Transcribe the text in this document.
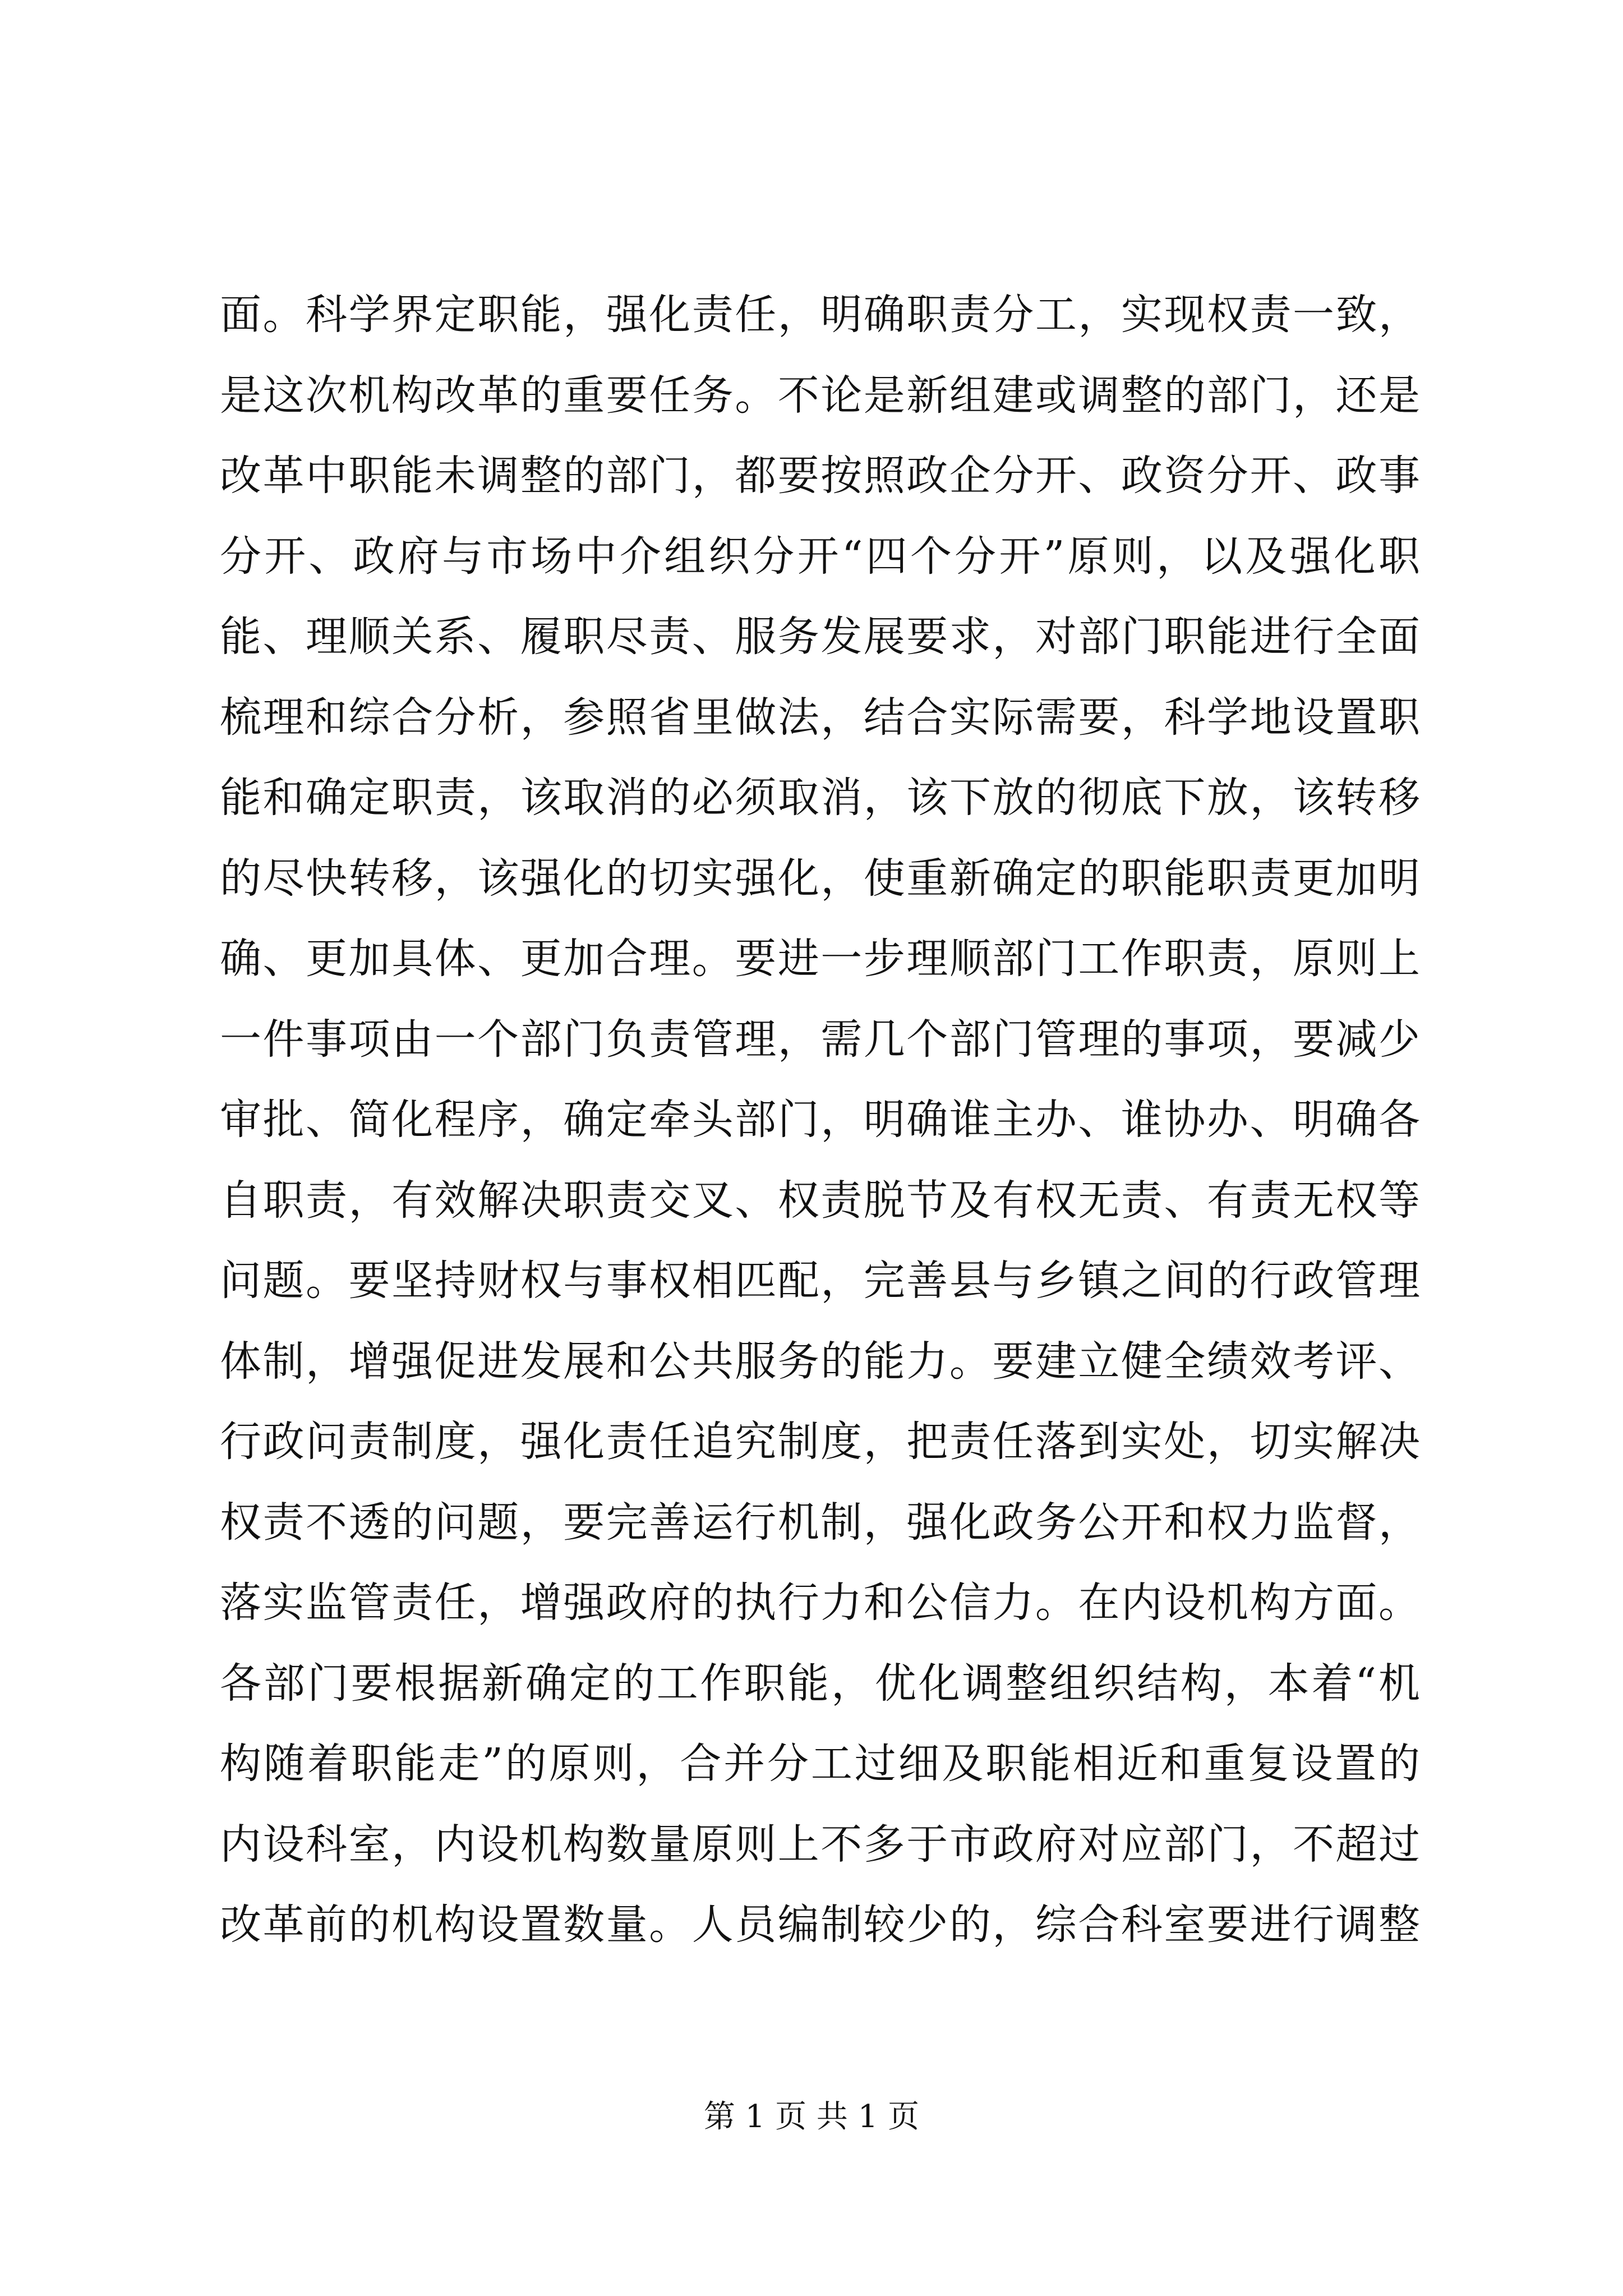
面。科学界定职能，强化责任，明确职责分工，实现权责一致，
是这次机构改革的重要任务。不论是新组建或调整的部门，还是
改革中职能未调整的部门，都要按照政企分开、政资分开、政事
分开、政府与市场中介组织分开“四个分开”原则，以及强化职
能、理顺关系、履职尽责、服务发展要求，对部门职能进行全面
梳理和综合分析，参照省里做法，结合实际需要，科学地设置职
能和确定职责，该取消的必须取消，该下放的彻底下放，该转移
的尽快转移，该强化的切实强化，使重新确定的职能职责更加明
确、更加具体、更加合理。要进一步理顺部门工作职责，原则上
一件事项由一个部门负责管理，需几个部门管理的事项，要减少
审批、简化程序，确定牵头部门，明确谁主办、谁协办、明确各
自职责，有效解决职责交叉、权责脱节及有权无责、有责无权等
问题。要坚持财权与事权相匹配，完善县与乡镇之间的行政管理
体制，增强促进发展和公共服务的能力。要建立健全绩效考评、
行政问责制度，强化责任追究制度，把责任落到实处，切实解决
权责不透的问题，要完善运行机制，强化政务公开和权力监督，
落实监管责任，增强政府的执行力和公信力。在内设机构方面。
各部门要根据新确定的工作职能，优化调整组织结构，本着“机
构随着职能走”的原则，合并分工过细及职能相近和重复设置的
内设科室，内设机构数量原则上不多于市政府对应部门，不超过
改革前的机构设置数量。人员编制较少的，综合科室要进行调整
第 1 页 共 1 页
